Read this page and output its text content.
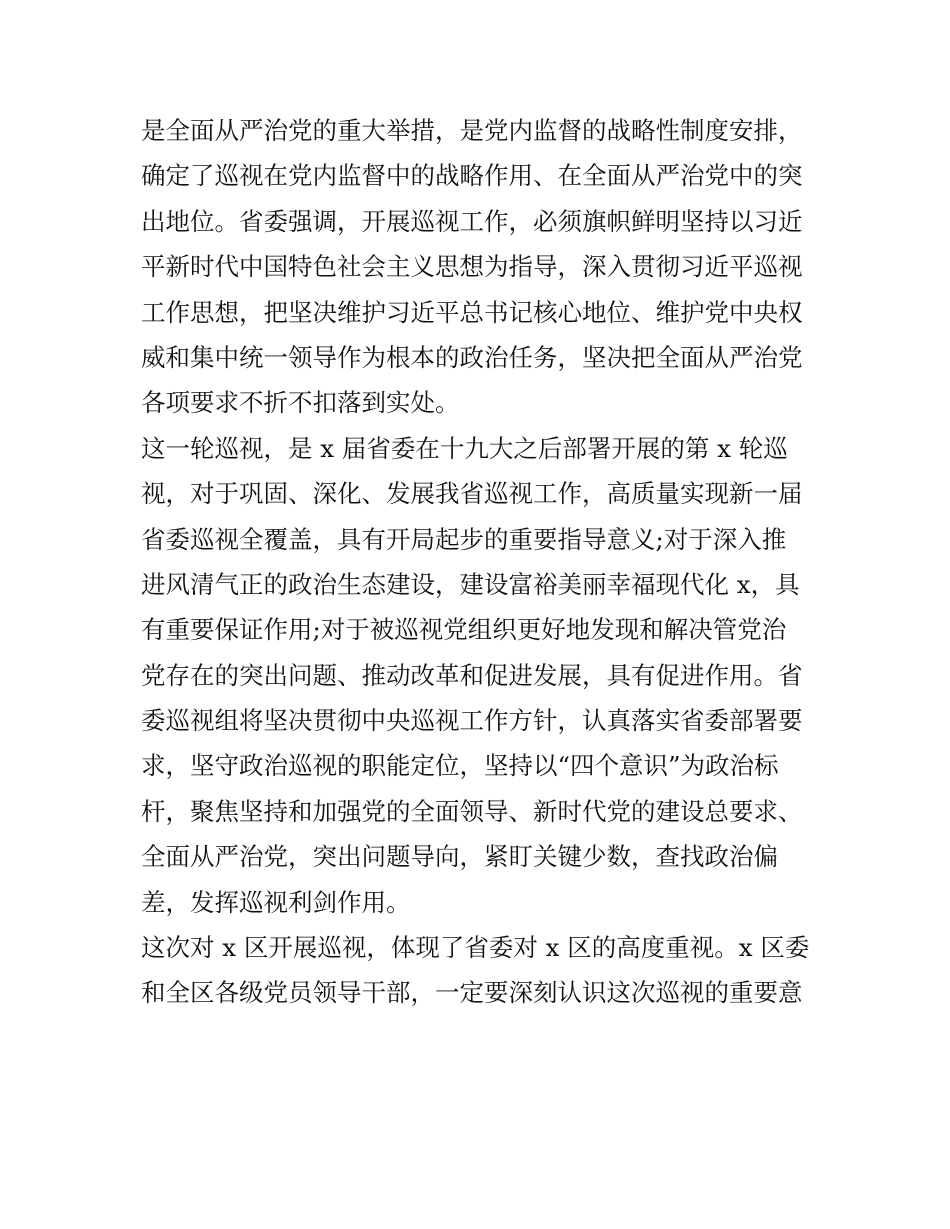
是全面从严治党的重大举措，是党内监督的战略性制度安排，
确定了巡视在党内监督中的战略作用、在全面从严治党中的突
出地位。省委强调，开展巡视工作，必须旗帜鲜明坚持以习近
平新时代中国特色社会主义思想为指导，深入贯彻习近平巡视
工作思想，把坚决维护习近平总书记核心地位、维护党中央权
威和集中统一领导作为根本的政治任务，坚决把全面从严治党
各项要求不折不扣落到实处。
这一轮巡视，是 x 届省委在十九大之后部署开展的第 x 轮巡
视，对于巩固、深化、发展我省巡视工作，高质量实现新一届
省委巡视全覆盖，具有开局起步的重要指导意义;对于深入推
进风清气正的政治生态建设，建设富裕美丽幸福现代化 x，具
有重要保证作用;对于被巡视党组织更好地发现和解决管党治
党存在的突出问题、推动改革和促进发展，具有促进作用。省
委巡视组将坚决贯彻中央巡视工作方针，认真落实省委部署要
求，坚守政治巡视的职能定位，坚持以“四个意识”为政治标
杆，聚焦坚持和加强党的全面领导、新时代党的建设总要求、
全面从严治党，突出问题导向，紧盯关键少数，查找政治偏
差，发挥巡视利剑作用。
这次对 x 区开展巡视，体现了省委对 x 区的高度重视。x 区委
和全区各级党员领导干部，一定要深刻认识这次巡视的重要意
